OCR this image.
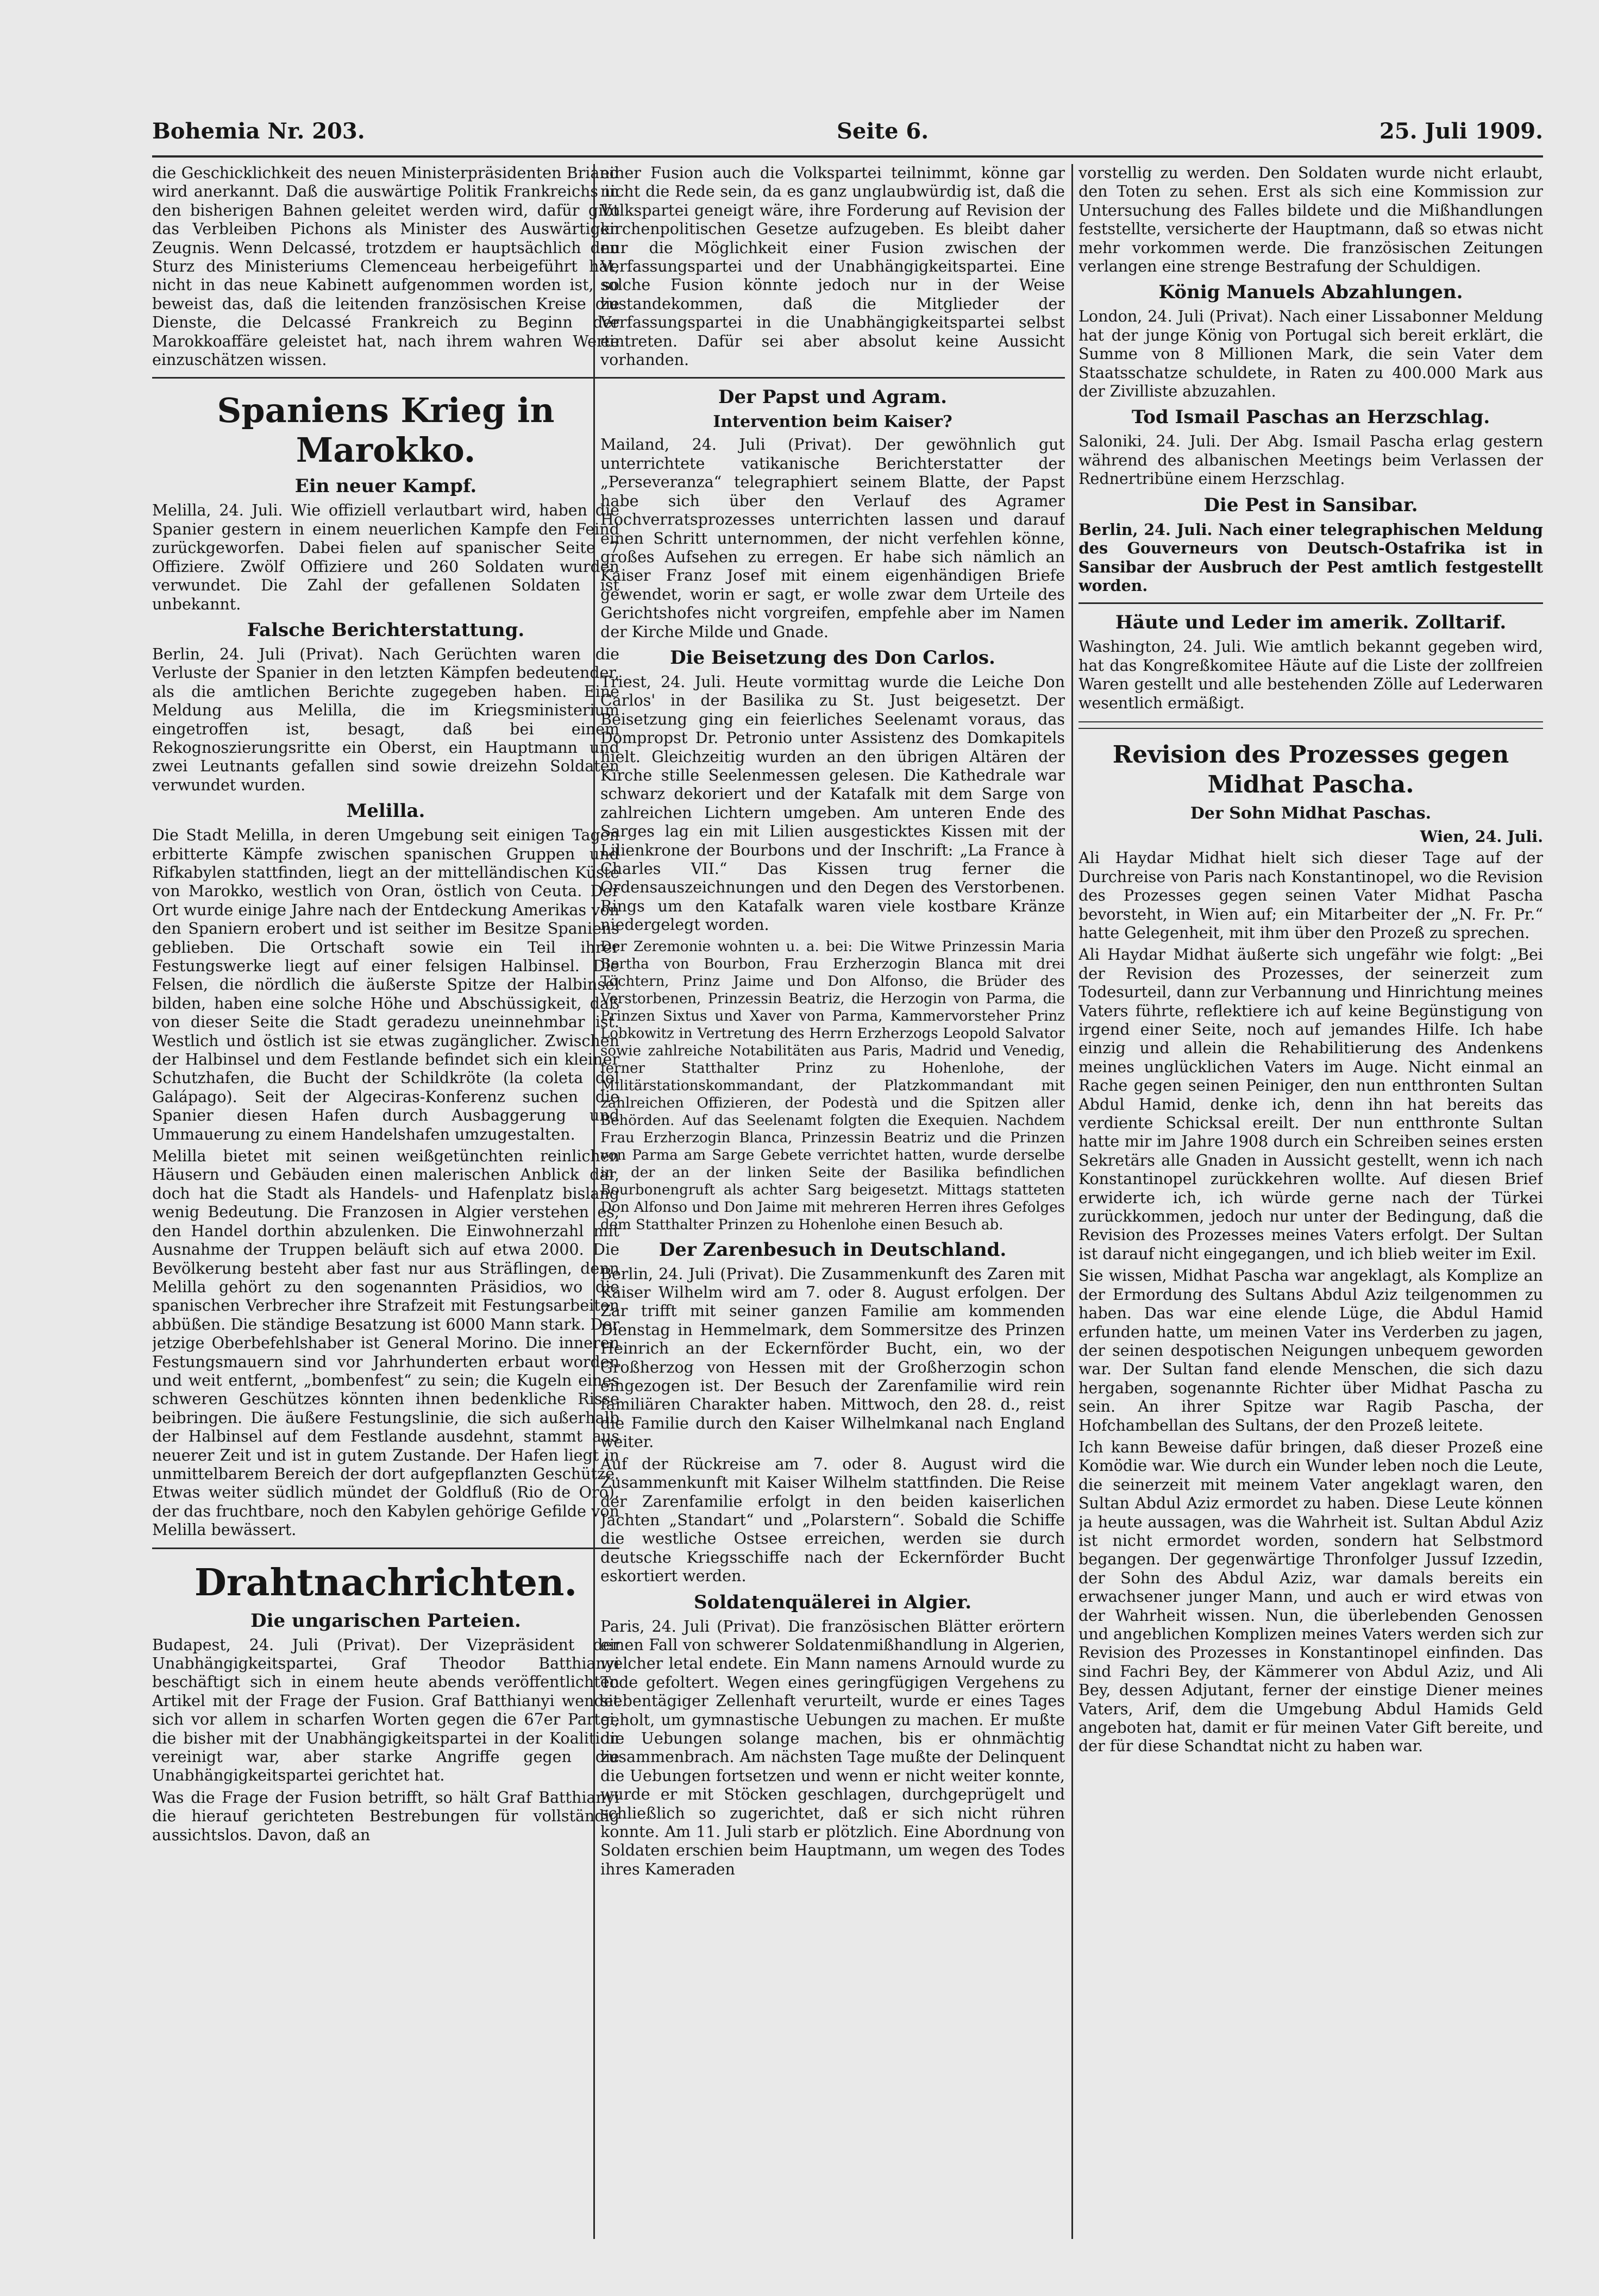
Bohemia Nr. 203.	Seite 6.	25. Juli 1909.

die Geschicklichkeit des neuen Ministerpräsidenten Briand wird anerkannt. Daß die auswärtige Politik Frankreichs in den bisherigen Bahnen geleitet werden wird, dafür gibt das Verbleiben Pichons als Minister des Auswärtigen Zeugnis. Wenn Delcassé, trotzdem er hauptsächlich den Sturz des Ministeriums Clemenceau herbeigeführt hat, nicht in das neue Kabinett aufgenommen worden ist, so beweist das, daß die leitenden französischen Kreise die Dienste, die Delcassé Frankreich zu Beginn der Marokkoaffäre geleistet hat, nach ihrem wahren Werte einzuschätzen wissen.

Spaniens Krieg in Marokko.
Ein neuer Kampf.

Melilla, 24. Juli. Wie offiziell verlautbart wird, haben die Spanier gestern in einem neuerlichen Kampfe den Feind zurückgeworfen. Dabei fielen auf spanischer Seite 7 Offiziere. Zwölf Offiziere und 260 Soldaten wurden verwundet. Die Zahl der gefallenen Soldaten ist unbekannt.

Falsche Berichterstattung.

Berlin, 24. Juli (Privat). Nach Gerüchten waren die Verluste der Spanier in den letzten Kämpfen bedeutender, als die amtlichen Berichte zugegeben haben. Eine Meldung aus Melilla, die im Kriegsministerium eingetroffen ist, besagt, daß bei einem Rekognoszierungsritte ein Oberst, ein Hauptmann und zwei Leutnants gefallen sind sowie dreizehn Soldaten verwundet wurden.

Melilla.

Die Stadt Melilla, in deren Umgebung seit einigen Tagen erbitterte Kämpfe zwischen spanischen Gruppen und Rifkabylen stattfinden, liegt an der mittelländischen Küste von Marokko, westlich von Oran, östlich von Ceuta. Der Ort wurde einige Jahre nach der Entdeckung Amerikas von den Spaniern erobert und ist seither im Besitze Spaniens geblieben. Die Ortschaft sowie ein Teil ihrer Festungswerke liegt auf einer felsigen Halbinsel. Die Felsen, die nördlich die äußerste Spitze der Halbinsel bilden, haben eine solche Höhe und Abschüssigkeit, daß von dieser Seite die Stadt geradezu uneinnehmbar ist. Westlich und östlich ist sie etwas zugänglicher. Zwischen der Halbinsel und dem Festlande befindet sich ein kleiner Schutzhafen, die Bucht der Schildkröte (la coleta del Galápago). Seit der Algeciras-Konferenz suchen die Spanier diesen Hafen durch Ausbaggerung und Ummauerung zu einem Handelshafen umzugestalten.

Melilla bietet mit seinen weißgetünchten reinlichen Häusern und Gebäuden einen malerischen Anblick dar, doch hat die Stadt als Handels- und Hafenplatz bislang wenig Bedeutung. Die Franzosen in Algier verstehen es, den Handel dorthin abzulenken. Die Einwohnerzahl mit Ausnahme der Truppen beläuft sich auf etwa 2000. Die Bevölkerung besteht aber fast nur aus Sträflingen, denn Melilla gehört zu den sogenannten Präsidios, wo die spanischen Verbrecher ihre Strafzeit mit Festungsarbeiten abbüßen. Die ständige Besatzung ist 6000 Mann stark. Der jetzige Oberbefehlshaber ist General Morino. Die inneren Festungsmauern sind vor Jahrhunderten erbaut worden und weit entfernt, „bombenfest“ zu sein; die Kugeln eines schweren Geschützes könnten ihnen bedenkliche Risse beibringen. Die äußere Festungslinie, die sich außerhalb der Halbinsel auf dem Festlande ausdehnt, stammt aus neuerer Zeit und ist in gutem Zustande. Der Hafen liegt in unmittelbarem Bereich der dort aufgepflanzten Geschütze. Etwas weiter südlich mündet der Goldfluß (Rio de Oro), der das fruchtbare, noch den Kabylen gehörige Gefilde von Melilla bewässert.

Drahtnachrichten.
Die ungarischen Parteien.

Budapest, 24. Juli (Privat). Der Vizepräsident der Unabhängigkeitspartei, Graf Theodor Batthianyi beschäftigt sich in einem heute abends veröffentlichten Artikel mit der Frage der Fusion. Graf Batthianyi wendet sich vor allem in scharfen Worten gegen die 67er Partei, die bisher mit der Unabhängigkeitspartei in der Koalition vereinigt war, aber starke Angriffe gegen die Unabhängigkeitspartei gerichtet hat.

Was die Frage der Fusion betrifft, so hält Graf Batthianyi die hierauf gerichteten Bestrebungen für vollständig aussichtslos. Davon, daß an

einer Fusion auch die Volkspartei teilnimmt, könne gar nicht die Rede sein, da es ganz unglaubwürdig ist, daß die Volkspartei geneigt wäre, ihre Forderung auf Revision der kirchenpolitischen Gesetze aufzugeben. Es bleibt daher nur die Möglichkeit einer Fusion zwischen der Verfassungspartei und der Unabhängigkeitspartei. Eine solche Fusion könnte jedoch nur in der Weise zustandekommen, daß die Mitglieder der Verfassungspartei in die Unabhängigkeitspartei selbst eintreten. Dafür sei aber absolut keine Aussicht vorhanden.

Der Papst und Agram.
Intervention beim Kaiser?

Mailand, 24. Juli (Privat). Der gewöhnlich gut unterrichtete vatikanische Berichterstatter der „Perseveranza“ telegraphiert seinem Blatte, der Papst habe sich über den Verlauf des Agramer Hochverratsprozesses unterrichten lassen und darauf einen Schritt unternommen, der nicht verfehlen könne, großes Aufsehen zu erregen. Er habe sich nämlich an Kaiser Franz Josef mit einem eigenhändigen Briefe gewendet, worin er sagt, er wolle zwar dem Urteile des Gerichtshofes nicht vorgreifen, empfehle aber im Namen der Kirche Milde und Gnade.

Die Beisetzung des Don Carlos.

Triest, 24. Juli. Heute vormittag wurde die Leiche Don Carlos' in der Basilika zu St. Just beigesetzt. Der Beisetzung ging ein feierliches Seelenamt voraus, das Dompropst Dr. Petronio unter Assistenz des Domkapitels hielt. Gleichzeitig wurden an den übrigen Altären der Kirche stille Seelenmessen gelesen. Die Kathedrale war schwarz dekoriert und der Katafalk mit dem Sarge von zahlreichen Lichtern umgeben. Am unteren Ende des Sarges lag ein mit Lilien ausgesticktes Kissen mit der Lilienkrone der Bourbons und der Inschrift: „La France à Charles VII.“ Das Kissen trug ferner die Ordensauszeichnungen und den Degen des Verstorbenen. Rings um den Katafalk waren viele kostbare Kränze niedergelegt worden.

Der Zeremonie wohnten u. a. bei: Die Witwe Prinzessin Maria Bertha von Bourbon, Frau Erzherzogin Blanca mit drei Töchtern, Prinz Jaime und Don Alfonso, die Brüder des Verstorbenen, Prinzessin Beatriz, die Herzogin von Parma, die Prinzen Sixtus und Xaver von Parma, Kammervorsteher Prinz Lobkowitz in Vertretung des Herrn Erzherzogs Leopold Salvator sowie zahlreiche Notabilitäten aus Paris, Madrid und Venedig, ferner Statthalter Prinz zu Hohenlohe, der Militärstationskommandant, der Platzkommandant mit zahlreichen Offizieren, der Podestà und die Spitzen aller Behörden. Auf das Seelenamt folgten die Exequien. Nachdem Frau Erzherzogin Blanca, Prinzessin Beatriz und die Prinzen von Parma am Sarge Gebete verrichtet hatten, wurde derselbe in der an der linken Seite der Basilika befindlichen Bourbonengruft als achter Sarg beigesetzt. Mittags statteten Don Alfonso und Don Jaime mit mehreren Herren ihres Gefolges dem Statthalter Prinzen zu Hohenlohe einen Besuch ab.

Der Zarenbesuch in Deutschland.

Berlin, 24. Juli (Privat). Die Zusammenkunft des Zaren mit Kaiser Wilhelm wird am 7. oder 8. August erfolgen. Der Zar trifft mit seiner ganzen Familie am kommenden Dienstag in Hemmelmark, dem Sommersitze des Prinzen Heinrich an der Eckernförder Bucht, ein, wo der Großherzog von Hessen mit der Großherzogin schon eingezogen ist. Der Besuch der Zarenfamilie wird rein familiären Charakter haben. Mittwoch, den 28. d., reist die Familie durch den Kaiser Wilhelmkanal nach England weiter.

Auf der Rückreise am 7. oder 8. August wird die Zusammenkunft mit Kaiser Wilhelm stattfinden. Die Reise der Zarenfamilie erfolgt in den beiden kaiserlichen Jachten „Standart“ und „Polarstern“. Sobald die Schiffe die westliche Ostsee erreichen, werden sie durch deutsche Kriegsschiffe nach der Eckernförder Bucht eskortiert werden.

Soldatenquälerei in Algier.

Paris, 24. Juli (Privat). Die französischen Blätter erörtern einen Fall von schwerer Soldatenmißhandlung in Algerien, welcher letal endete. Ein Mann namens Arnould wurde zu Tode gefoltert. Wegen eines geringfügigen Vergehens zu siebentägiger Zellenhaft verurteilt, wurde er eines Tages geholt, um gymnastische Uebungen zu machen. Er mußte die Uebungen solange machen, bis er ohnmächtig zusammenbrach. Am nächsten Tage mußte der Delinquent die Uebungen fortsetzen und wenn er nicht weiter konnte, wurde er mit Stöcken geschlagen, durchgeprügelt und schließlich so zugerichtet, daß er sich nicht rühren konnte. Am 11. Juli starb er plötzlich. Eine Abordnung von Soldaten erschien beim Hauptmann, um wegen des Todes ihres Kameraden

vorstellig zu werden. Den Soldaten wurde nicht erlaubt, den Toten zu sehen. Erst als sich eine Kommission zur Untersuchung des Falles bildete und die Mißhandlungen feststellte, versicherte der Hauptmann, daß so etwas nicht mehr vorkommen werde. Die französischen Zeitungen verlangen eine strenge Bestrafung der Schuldigen.

König Manuels Abzahlungen.

London, 24. Juli (Privat). Nach einer Lissabonner Meldung hat der junge König von Portugal sich bereit erklärt, die Summe von 8 Millionen Mark, die sein Vater dem Staatsschatze schuldete, in Raten zu 400.000 Mark aus der Zivilliste abzuzahlen.

Tod Ismail Paschas an Herzschlag.

Saloniki, 24. Juli. Der Abg. Ismail Pascha erlag gestern während des albanischen Meetings beim Verlassen der Rednertribüne einem Herzschlag.

Die Pest in Sansibar.

Berlin, 24. Juli. Nach einer telegraphischen Meldung des Gouverneurs von Deutsch-Ostafrika ist in Sansibar der Ausbruch der Pest amtlich festgestellt worden.

Häute und Leder im amerik. Zolltarif.

Washington, 24. Juli. Wie amtlich bekannt gegeben wird, hat das Kongreßkomitee Häute auf die Liste der zollfreien Waren gestellt und alle bestehenden Zölle auf Lederwaren wesentlich ermäßigt.

Revision des Prozesses gegen
Midhat Pascha.
Der Sohn Midhat Paschas.

Wien, 24. Juli.

Ali Haydar Midhat hielt sich dieser Tage auf der Durchreise von Paris nach Konstantinopel, wo die Revision des Prozesses gegen seinen Vater Midhat Pascha bevorsteht, in Wien auf; ein Mitarbeiter der „N. Fr. Pr.“ hatte Gelegenheit, mit ihm über den Prozeß zu sprechen.

Ali Haydar Midhat äußerte sich ungefähr wie folgt: „Bei der Revision des Prozesses, der seinerzeit zum Todesurteil, dann zur Verbannung und Hinrichtung meines Vaters führte, reflektiere ich auf keine Begünstigung von irgend einer Seite, noch auf jemandes Hilfe. Ich habe einzig und allein die Rehabilitierung des Andenkens meines unglücklichen Vaters im Auge. Nicht einmal an Rache gegen seinen Peiniger, den nun entthronten Sultan Abdul Hamid, denke ich, denn ihn hat bereits das verdiente Schicksal ereilt. Der nun entthronte Sultan hatte mir im Jahre 1908 durch ein Schreiben seines ersten Sekretärs alle Gnaden in Aussicht gestellt, wenn ich nach Konstantinopel zurückkehren wollte. Auf diesen Brief erwiderte ich, ich würde gerne nach der Türkei zurückkommen, jedoch nur unter der Bedingung, daß die Revision des Prozesses meines Vaters erfolgt. Der Sultan ist darauf nicht eingegangen, und ich blieb weiter im Exil.

Sie wissen, Midhat Pascha war angeklagt, als Komplize an der Ermordung des Sultans Abdul Aziz teilgenommen zu haben. Das war eine elende Lüge, die Abdul Hamid erfunden hatte, um meinen Vater ins Verderben zu jagen, der seinen despotischen Neigungen unbequem geworden war. Der Sultan fand elende Menschen, die sich dazu hergaben, sogenannte Richter über Midhat Pascha zu sein. An ihrer Spitze war Ragib Pascha, der Hofchambellan des Sultans, der den Prozeß leitete.

Ich kann Beweise dafür bringen, daß dieser Prozeß eine Komödie war. Wie durch ein Wunder leben noch die Leute, die seinerzeit mit meinem Vater angeklagt waren, den Sultan Abdul Aziz ermordet zu haben. Diese Leute können ja heute aussagen, was die Wahrheit ist. Sultan Abdul Aziz ist nicht ermordet worden, sondern hat Selbstmord begangen. Der gegenwärtige Thronfolger Jussuf Izzedin, der Sohn des Abdul Aziz, war damals bereits ein erwachsener junger Mann, und auch er wird etwas von der Wahrheit wissen. Nun, die überlebenden Genossen und angeblichen Komplizen meines Vaters werden sich zur Revision des Prozesses in Konstantinopel einfinden. Das sind Fachri Bey, der Kämmerer von Abdul Aziz, und Ali Bey, dessen Adjutant, ferner der einstige Diener meines Vaters, Arif, dem die Umgebung Abdul Hamids Geld angeboten hat, damit er für meinen Vater Gift bereite, und der für diese Schandtat nicht zu haben war.
